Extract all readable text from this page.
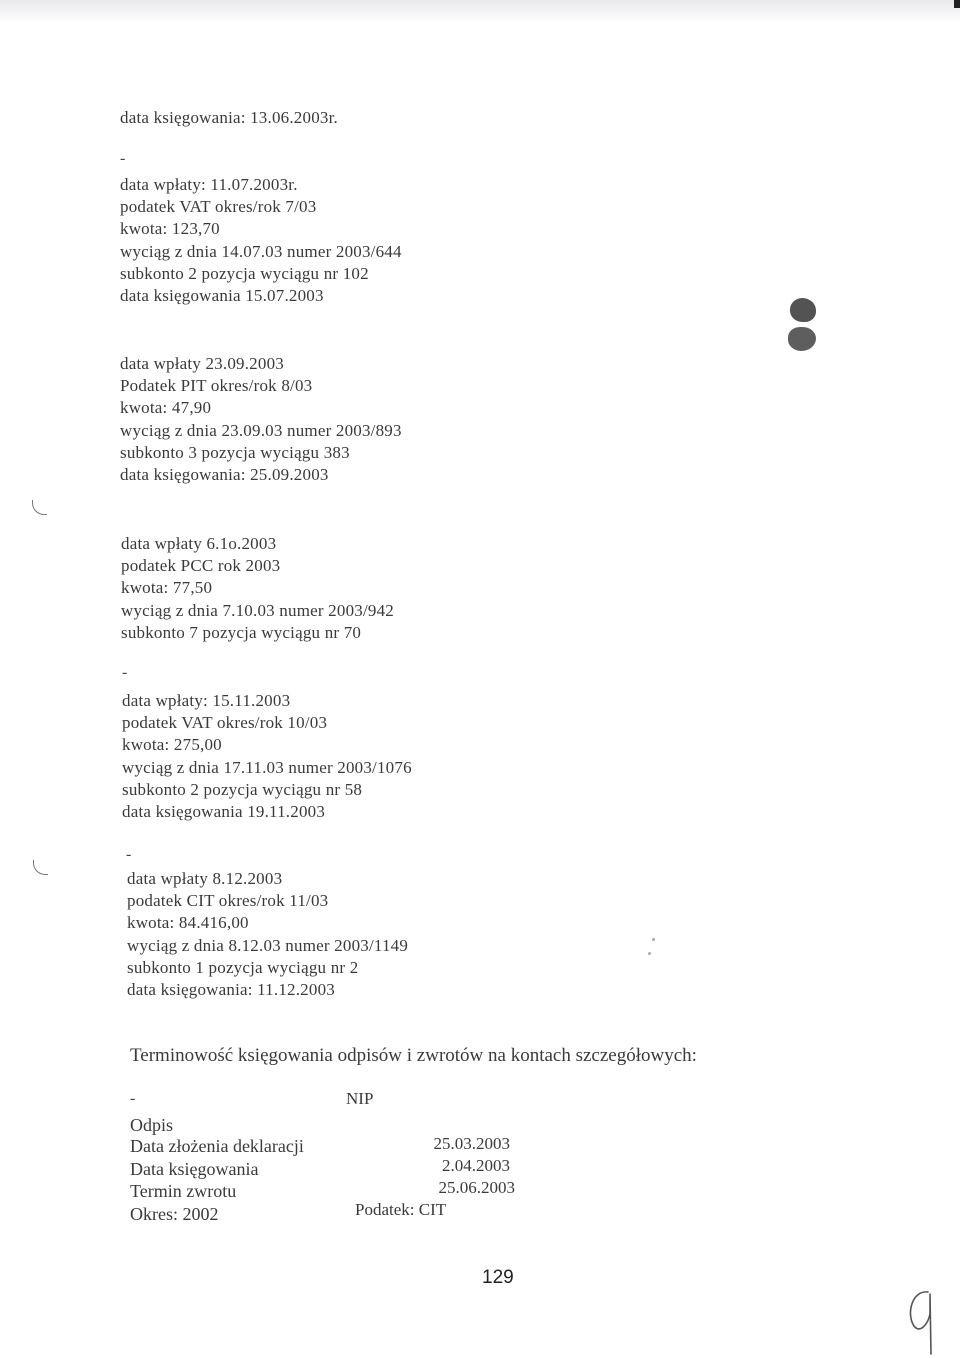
data księgowania: 13.06.2003r.
-
data wpłaty: 11.07.2003r.
podatek VAT okres/rok 7/03
kwota: 123,70
wyciąg z dnia 14.07.03 numer 2003/644
subkonto 2 pozycja wyciągu nr 102
data księgowania 15.07.2003
data wpłaty 23.09.2003
Podatek PIT okres/rok 8/03
kwota: 47,90
wyciąg z dnia 23.09.03 numer 2003/893
subkonto 3 pozycja wyciągu 383
data księgowania: 25.09.2003
data wpłaty 6.1o.2003
podatek PCC rok 2003
kwota: 77,50
wyciąg z dnia 7.10.03 numer 2003/942
subkonto 7 pozycja wyciągu nr 70
-
data wpłaty: 15.11.2003
podatek VAT okres/rok 10/03
kwota: 275,00
wyciąg z dnia 17.11.03 numer 2003/1076
subkonto 2 pozycja wyciągu nr 58
data księgowania 19.11.2003
-
data wpłaty 8.12.2003
podatek CIT okres/rok 11/03
kwota: 84.416,00
wyciąg z dnia 8.12.03 numer 2003/1149
subkonto 1 pozycja wyciągu nr 2
data księgowania: 11.12.2003
Terminowość księgowania odpisów i zwrotów na kontach szczegółowych:
-	NIP
Odpis
Data złożenia deklaracji	25.03.2003
Data księgowania	2.04.2003
Termin zwrotu	25.06.2003
Okres: 2002	Podatek: CIT
129
